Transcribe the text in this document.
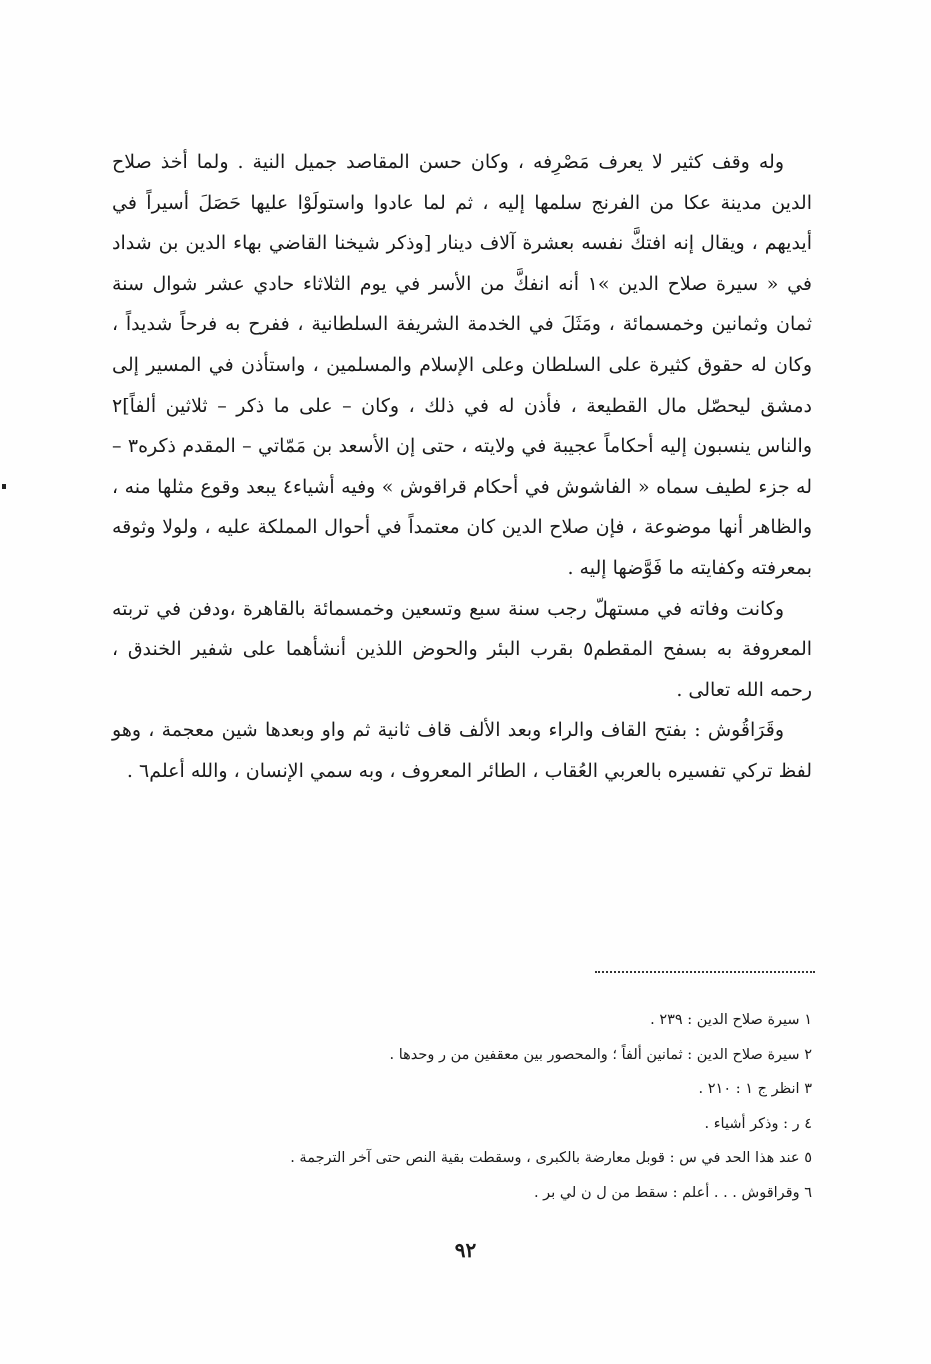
وله وقف كثير لا يعرف مَصْرِفه ، وكان حسن المقاصد جميل النية . ولما أخذ صلاح الدين مدينة عكا من الفرنج سلمها إليه ، ثم لما عادوا واستولَوْا عليها حَصَلَ أسيراً في أيديهم ، ويقال إنه افتكَّ نفسه بعشرة آلاف دينار [وذكر شيخنا القاضي بهاء الدين بن شداد في « سيرة صلاح الدين »١ أنه انفكَّ من الأسر في يوم الثلاثاء حادي عشر شوال سنة ثمان وثمانين وخمسمائة ، ومَثَلَ في الخدمة الشريفة السلطانية ، ففرح به فرحاً شديداً ، وكان له حقوق كثيرة على السلطان وعلى الإسلام والمسلمين ، واستأذن في المسير إلى دمشق ليحصّل مال القطيعة ، فأذن له في ذلك ، وكان – على ما ذكر – ثلاثين ألفاً]٢ والناس ينسبون إليه أحكاماً عجيبة في ولايته ، حتى إن الأسعد بن مَمّاتي – المقدم ذكره٣ – له جزء لطيف سماه « الفاشوش في أحكام قراقوش » وفيه أشياء٤ يبعد وقوع مثلها منه ، والظاهر أنها موضوعة ، فإن صلاح الدين كان معتمداً في أحوال المملكة عليه ، ولولا وثوقه بمعرفته وكفايته ما فَوَّضها إليه .

وكانت وفاته في مستهلّ رجب سنة سبع وتسعين وخمسمائة بالقاهرة ،ودفن في تربته المعروفة به بسفح المقطم٥ بقرب البئر والحوض اللذين أنشأهما على شفير الخندق ، رحمه الله تعالى .

وقَرَاقُوش : بفتح القاف والراء وبعد الألف قاف ثانية ثم واو وبعدها شين معجمة ، وهو لفظ تركي تفسيره بالعربي العُقاب ، الطائر المعروف ، وبه سمي الإنسان ، والله أعلم٦ .

١ سيرة صلاح الدين : ٢٣٩ .
٢ سيرة صلاح الدين : ثمانين ألفاً ؛ والمحصور بين معقفين من ر وحدها .
٣ انظر ج ١ : ٢١٠ .
٤ ر : وذكر أشياء .
٥ عند هذا الحد في س : قوبل معارضة بالكبرى ، وسقطت بقية النص حتى آخر الترجمة .
٦ وقراقوش . . . أعلم : سقط من ل ن لي بر .
٩٢
